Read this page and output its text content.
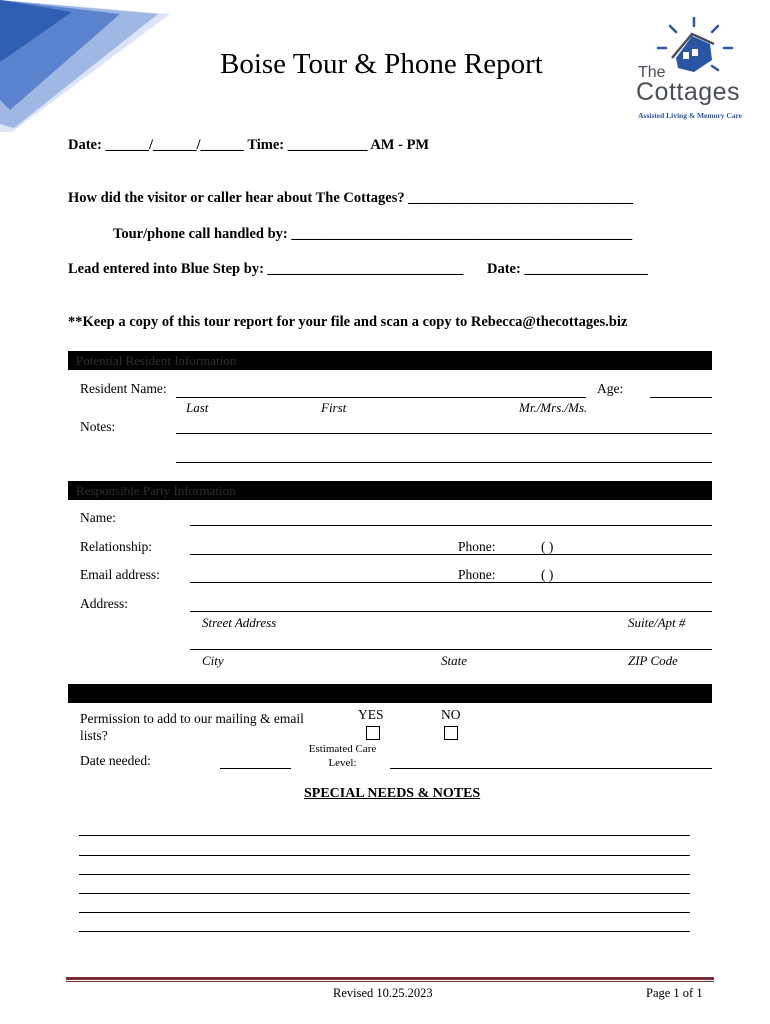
Boise Tour & Phone Report	The
Cottages
Assisted Living & Memory Care
Date: ______/______/______ Time: ___________ AM - PM
How did the visitor or caller hear about The Cottages? _______________________________
Tour/phone call handled by: _______________________________________________
Lead entered into Blue Step by: ___________________________ Date: _________________
**Keep a copy of this tour report for your file and scan a copy to Rebecca@thecottages.biz
Potential Resident Information
Resident Name:	Age:
Last	First	Mr./Mrs./Ms.
Notes:
Responsible Party Information
Name:
Relationship:	Phone:	( )
Email address:	Phone:	( )
Address:
Street Address	Suite/Apt #
City	State	ZIP Code
Permission to add to our mailing & email lists?
YES	NO
Date needed:
Estimated Care Level:
SPECIAL NEEDS & NOTES
Revised 10.25.2023	Page 1 of 1
